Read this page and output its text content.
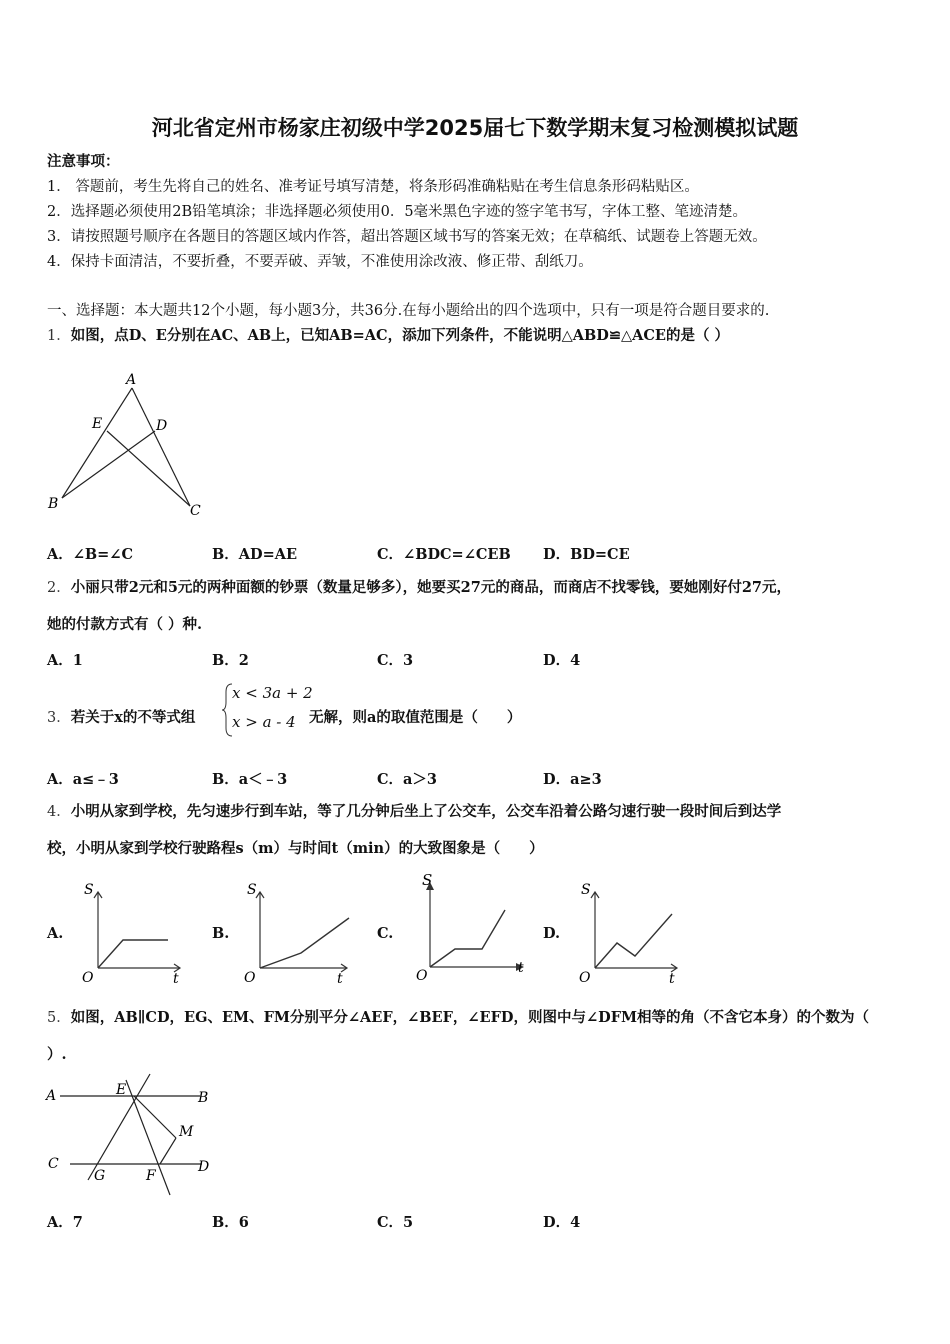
河北省定州市杨家庄初级中学2025届七下数学期末复习检测模拟试题
注意事项：
1． 答题前，考生先将自己的姓名、准考证号填写清楚，将条形码准确粘贴在考生信息条形码粘贴区。
2．选择题必须使用2B铅笔填涂；非选择题必须使用0．5毫米黑色字迹的签字笔书写，字体工整、笔迹清楚。
3．请按照题号顺序在各题目的答题区域内作答，超出答题区域书写的答案无效；在草稿纸、试题卷上答题无效。
4．保持卡面清洁，不要折叠，不要弄破、弄皱，不准使用涂改液、修正带、刮纸刀。
一、选择题：本大题共12个小题，每小题3分，共36分.在每小题给出的四个选项中，只有一项是符合题目要求的.
1．如图，点D、E分别在AC、AB上，已知AB=AC，添加下列条件，不能说明△ABD≌△ACE的是（ ）
A
E	D
B	C
A．∠B=∠C	B．AD=AE	C．∠BDC=∠CEB D．BD=CE
2．小丽只带2元和5元的两种面额的钞票（数量足够多），她要买27元的商品，而商店不找零钱，要她刚好付27元，
她的付款方式有（ ）种.
A．1	B．2	C．3	D．4
3．若关于x的不等式组
x < 3a + 2
x > a - 4 无解，则a的取值范围是（　　）
A．a≤﹣3	B．a＜﹣3	C．a＞3	D．a≥3
4．小明从家到学校，先匀速步行到车站，等了几分钟后坐上了公交车，公交车沿着公路匀速行驶一段时间后到达学
校，小明从家到学校行驶路程s（m）与时间t（min）的大致图象是（　　）
A.
S
O	t
B.
S
O	t
C.
S
O	t
D.
S
O	t
5．如图，AB∥CD，EG、EM、FM分别平分∠AEF，∠BEF，∠EFD，则图中与∠DFM相等的角（不含它本身）的个数为（
）.
A	E	B
M
C
G	F
D
A．7	B．6	C．5	D．4
